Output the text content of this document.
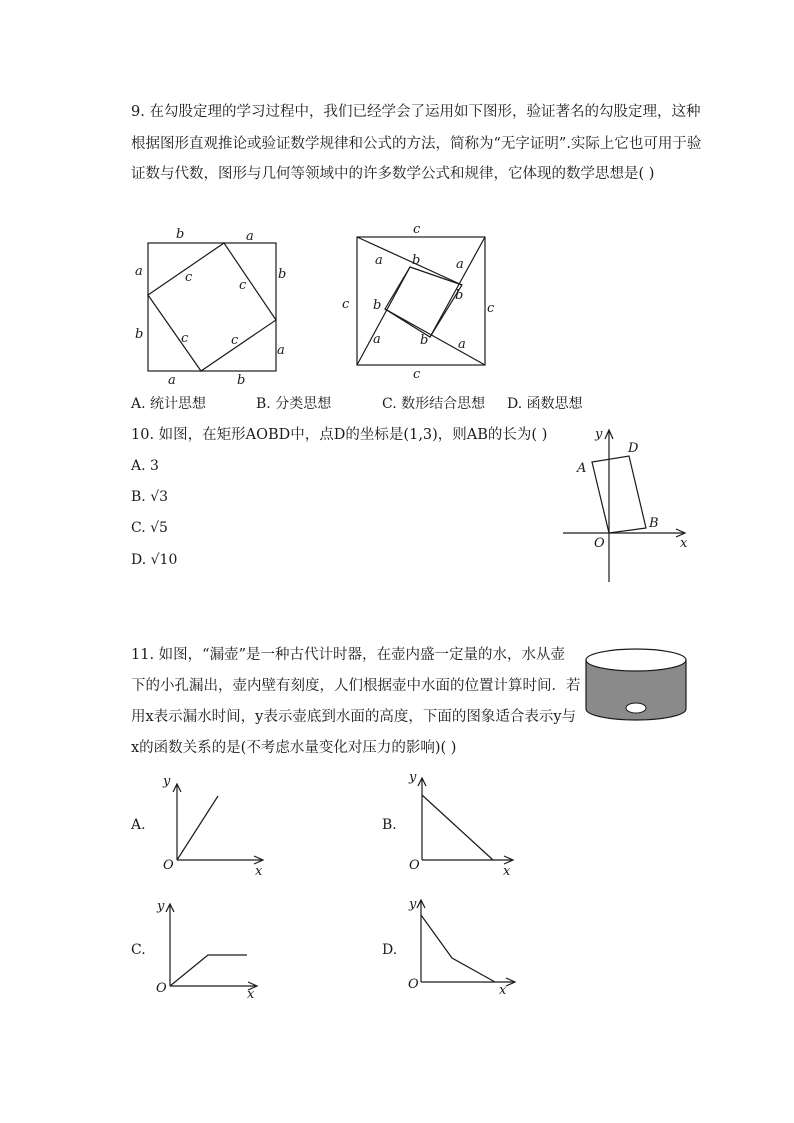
9. 在勾股定理的学习过程中，我们已经学会了运用如下图形，验证著名的勾股定理，这种
根据图形直观推论或验证数学规律和公式的方法，简称为“无字证明”.实际上它也可用于验
证数与代数，图形与几何等领域中的许多数学公式和规律，它体现的数学思想是( )
b	a
a
b
b
a
a	b
c
c
c	c
c
c	c
c
a b	a
b
b
a	b a
A. 统计思想	B. 分类思想	C. 数形结合思想 D. 函数思想
10. 如图，在矩形AOBD中，点D的坐标是(1,3)，则AB的长为( )
A. 3
B. √3
C. √5
D. √10
y
x
O
A
B
D
11. 如图，“漏壶”是一种古代计时器，在壶内盛一定量的水，水从壶
下的小孔漏出，壶内壁有刻度，人们根据壶中水面的位置计算时间．若
用x表示漏水时间，y表示壶底到水面的高度，下面的图象适合表示y与
x的函数关系的是(不考虑水量变化对压力的影响)( )
A.
y
x
O
B.
y
x
O
C.
y
x
O
D.
y
x
O
